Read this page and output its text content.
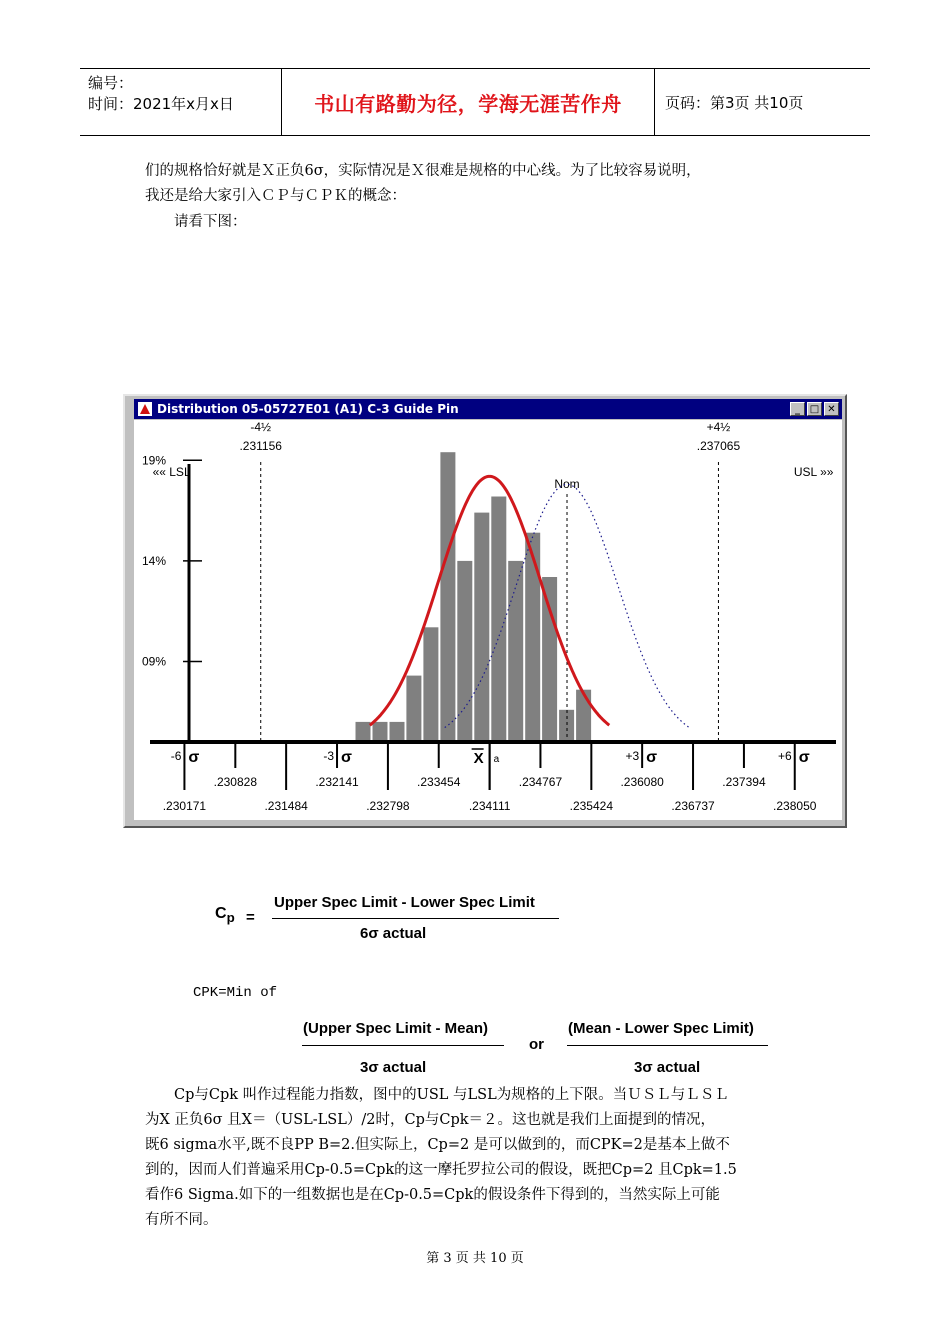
编号：
时间：2021年x月x日	书山有路勤为径，学海无涯苦作舟	页码：第3页 共10页

们的规格恰好就是Ｘ正负6σ，实际情况是Ｘ很难是规格的中心线。为了比较容易说明，

我还是给大家引入ＣＰ与ＣＰＫ的概念：

请看下图：

Distribution 05-05727E01 (A1) C-3 Guide Pin	_ □ ✕
09%
14%
19%
-4½
.231156
«« LSL
+4½
.237065
USL »»
Nom
.230171	.231484	.232798	.234111	.235424	.236737	.238050
.230828	.232141	.233454	.234767	.236080	.237394
-6 σ	-3 σ	+3 σ	+6 σ
X a
$C_p$ =
Upper Spec Limit - Lower Spec Limit
6σ actual
CPK=Min of
(Upper Spec Limit - Mean)
3σ actual
or
(Mean - Lower Spec Limit)
3σ actual

Cp与Cpk 叫作过程能力指数，图中的USL 与LSL为规格的上下限。当ＵＳＬ与ＬＳＬ

为X 正负6σ 且X＝（USL-LSL）/2时，Cp与Cpk＝２。这也就是我们上面提到的情况，

既6 sigma水平,既不良PP B=2.但实际上，Cp=2 是可以做到的，而CPK=2是基本上做不

到的，因而人们普遍采用Cp-0.5=Cpk的这一摩托罗拉公司的假设，既把Cp=2 且Cpk=1.5

看作6 Sigma.如下的一组数据也是在Cp-0.5=Cpk的假设条件下得到的，当然实际上可能

有所不同。

第 3 页 共 10 页
